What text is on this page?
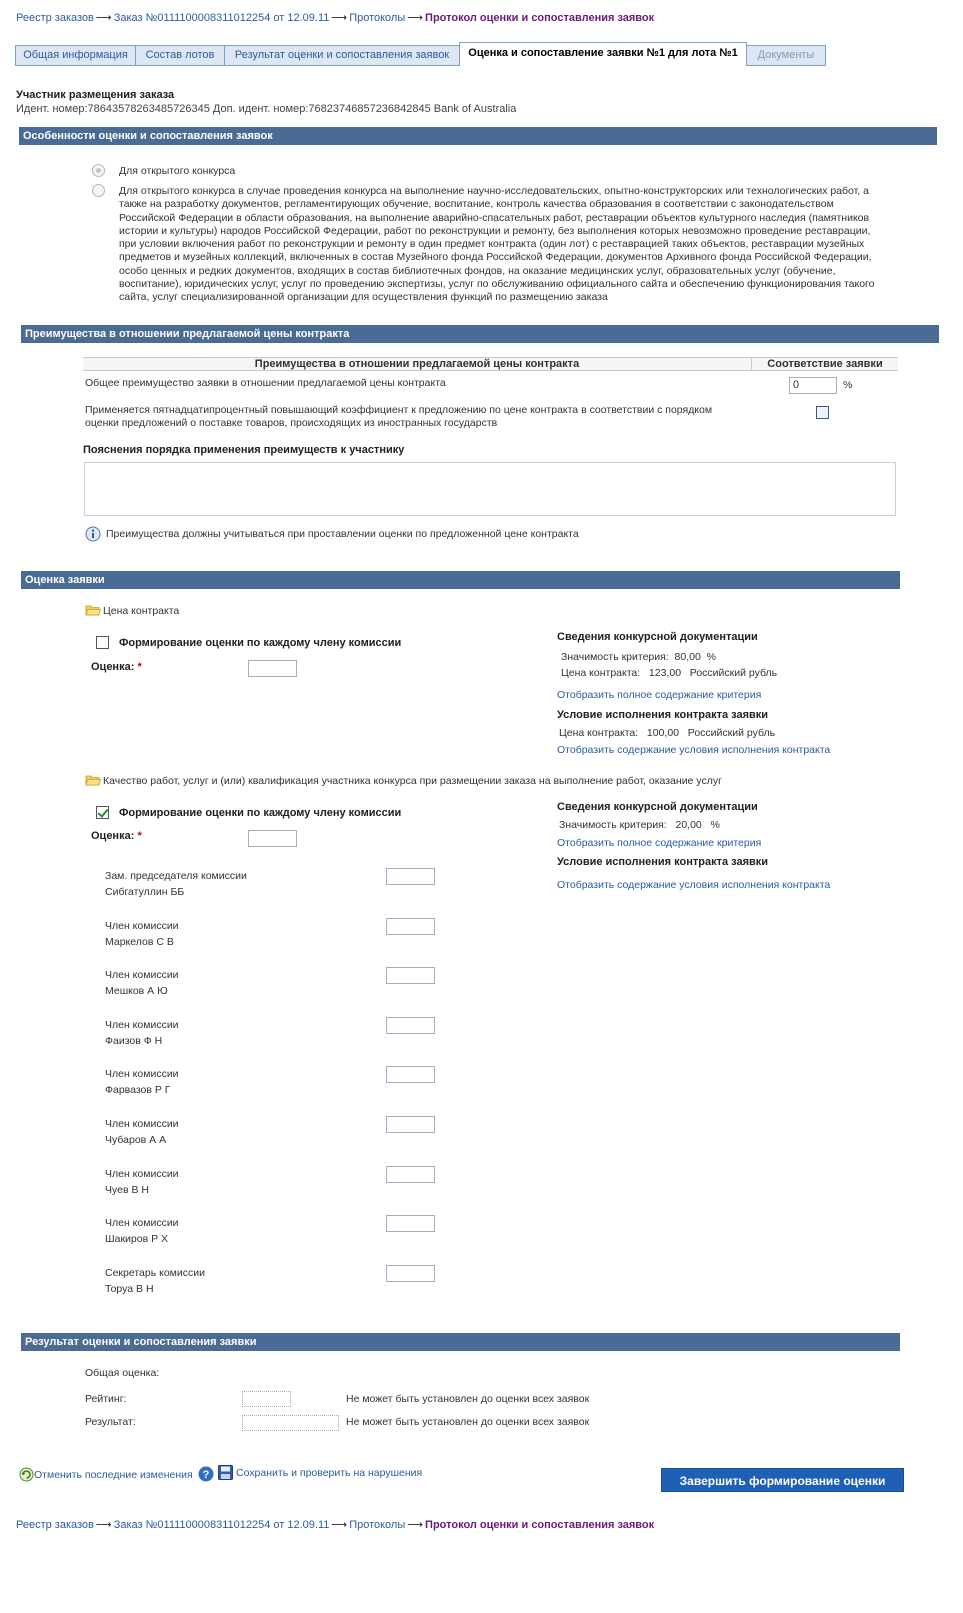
Реестр заказов ⟶ Заказ №0111100008311012254 от 12.09.11 ⟶ Протоколы ⟶ Протокол оценки и сопоставления заявок
Общая информация	Состав лотов	Результат оценки и сопоставления заявок	Оценка и сопоставление заявки №1 для лота №1	Документы
Участник размещения заказа
Идент. номер:78643578263485726345 Доп. идент. номер:76823746857236842845 Bank of Australia
Особенности оценки и сопоставления заявок
Для открытого конкурса
Для открытого конкурса в случае проведения конкурса на выполнение научно-исследовательских, опытно-конструкторских или технологических работ, а также на разработку документов, регламентирующих обучение, воспитание, контроль качества образования в соответствии с законодательством Российской Федерации в области образования, на выполнение аварийно-спасательных работ, реставрации объектов культурного наследия (памятников истории и культуры) народов Российской Федерации, работ по реконструкции и ремонту, без выполнения которых невозможно проведение реставрации, при условии включения работ по реконструкции и ремонту в один предмет контракта (один лот) с реставрацией таких объектов, реставрации музейных предметов и музейных коллекций, включенных в состав Музейного фонда Российской Федерации, документов Архивного фонда Российской Федерации, особо ценных и редких документов, входящих в состав библиотечных фондов, на оказание медицинских услуг, образовательных услуг (обучение, воспитание), юридических услуг, услуг по проведению экспертизы, услуг по обслуживанию официального сайта и обеспечению функционирования такого сайта, услуг специализированной организации для осуществления функций по размещению заказа
Преимущества в отношении предлагаемой цены контракта
Преимущества в отношении предлагаемой цены контракта	Соответствие заявки
Общее преимущество заявки в отношении предлагаемой цены контракта	0	%
Применяется пятнадцатипроцентный повышающий коэффициент к предложению по цене контракта в соответствии с порядком оценки предложений о поставке товаров, происходящих из иностранных государств
Пояснения порядка применения преимуществ к участнику
Преимущества должны учитываться при проставлении оценки по предложенной цене контракта
Оценка заявки
Цена контракта
Формирование оценки по каждому члену комиссии
Оценка: *
Сведения конкурсной документации
Значимость критерия:  80,00  %
Цена контракта:   123,00   Российский рубль
Отобразить полное содержание критерия
Условие исполнения контракта заявки
Цена контракта:   100,00   Российский рубль
Отобразить содержание условия исполнения контракта
Качество работ, услуг и (или) квалификация участника конкурса при размещении заказа на выполнение работ, оказание услуг
Формирование оценки по каждому члену комиссии
Оценка: *
Сведения конкурсной документации
Значимость критерия:   20,00   %
Отобразить полное содержание критерия
Условие исполнения контракта заявки
Отобразить содержание условия исполнения контракта
Зам. председателя комиссии
Сибгатуллин ББ
Член комиссии
Маркелов С В
Член комиссии
Мешков А Ю
Член комиссии
Фаизов Ф Н
Член комиссии
Фарвазов Р Г
Член комиссии
Чубаров А А
Член комиссии
Чуев В Н
Член комиссии
Шакиров Р Х
Секретарь комиссии
Торуа В Н
Результат оценки и сопоставления заявки
Общая оценка:
Рейтинг:	Не может быть установлен до оценки всех заявок
Результат:	Не может быть установлен до оценки всех заявок
Отменить последние изменения ?	Сохранить и проверить на нарушения
Завершить формирование оценки
Реестр заказов ⟶ Заказ №0111100008311012254 от 12.09.11 ⟶ Протоколы ⟶ Протокол оценки и сопоставления заявок
